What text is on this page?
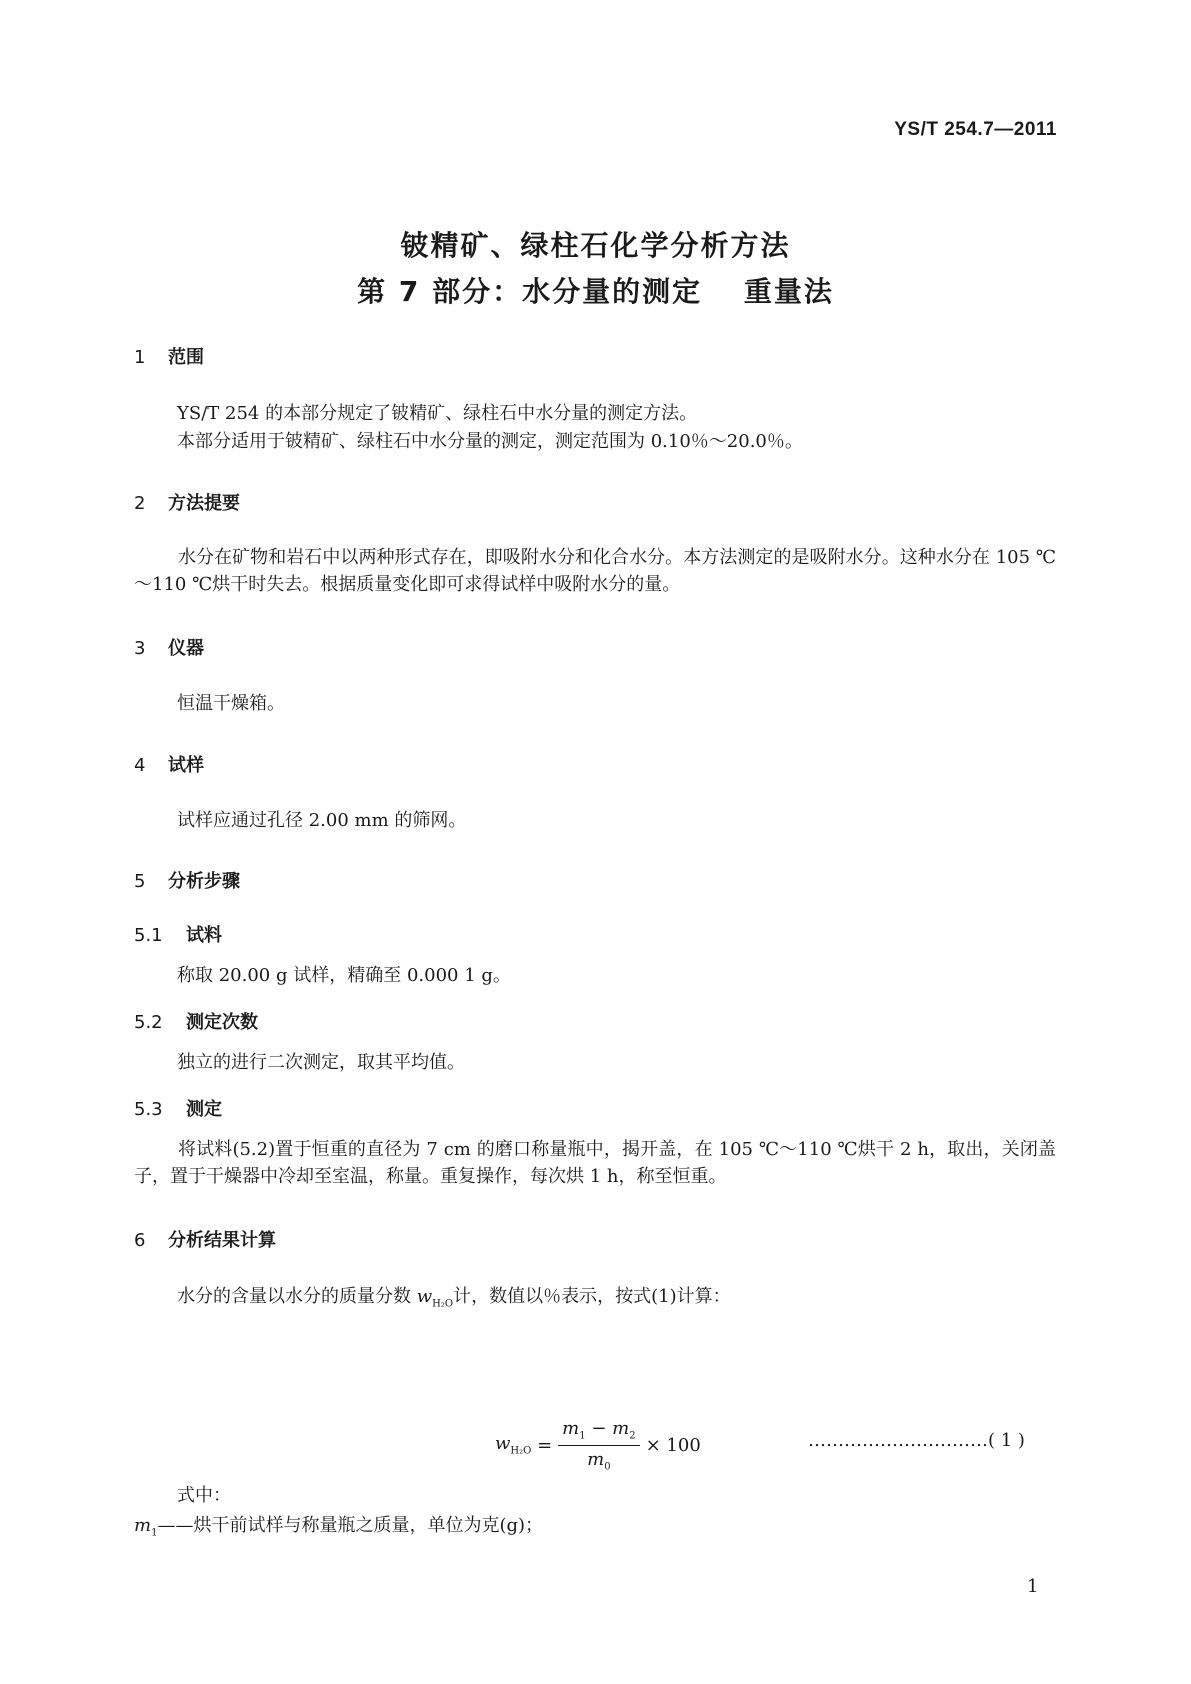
YS/T 254.7—2011
铍精矿、绿柱石化学分析方法
第 7 部分：水分量的测定　 重量法
1 范围
YS/T 254 的本部分规定了铍精矿、绿柱石中水分量的测定方法。
本部分适用于铍精矿、绿柱石中水分量的测定，测定范围为 0.10％～20.0％。
2 方法提要
水分在矿物和岩石中以两种形式存在，即吸附水分和化合水分。本方法测定的是吸附水分。这种水分在 105 ℃～110 ℃烘干时失去。根据质量变化即可求得试样中吸附水分的量。
3 仪器
恒温干燥箱。
4 试样
试样应通过孔径 2.00 mm 的筛网。
5 分析步骤
5.1 试料
称取 20.00 g 试样，精确至 0.000 1 g。
5.2 测定次数
独立的进行二次测定，取其平均值。
5.3 测定
将试料(5.2)置于恒重的直径为 7 cm 的磨口称量瓶中，揭开盖，在 105 ℃～110 ℃烘干 2 h，取出，关闭盖子，置于干燥器中冷却至室温，称量。重复操作，每次烘 1 h，称至恒重。
6 分析结果计算
水分的含量以水分的质量分数 $w_{H_2O}$计，数值以％表示，按式(1)计算：
$w_{H_2O} = \frac{m_1 - m_2}{m_0} \times 100$	…………………………( 1 )
式中：
$m_1——$烘干前试样与称量瓶之质量，单位为克(g)；
1
